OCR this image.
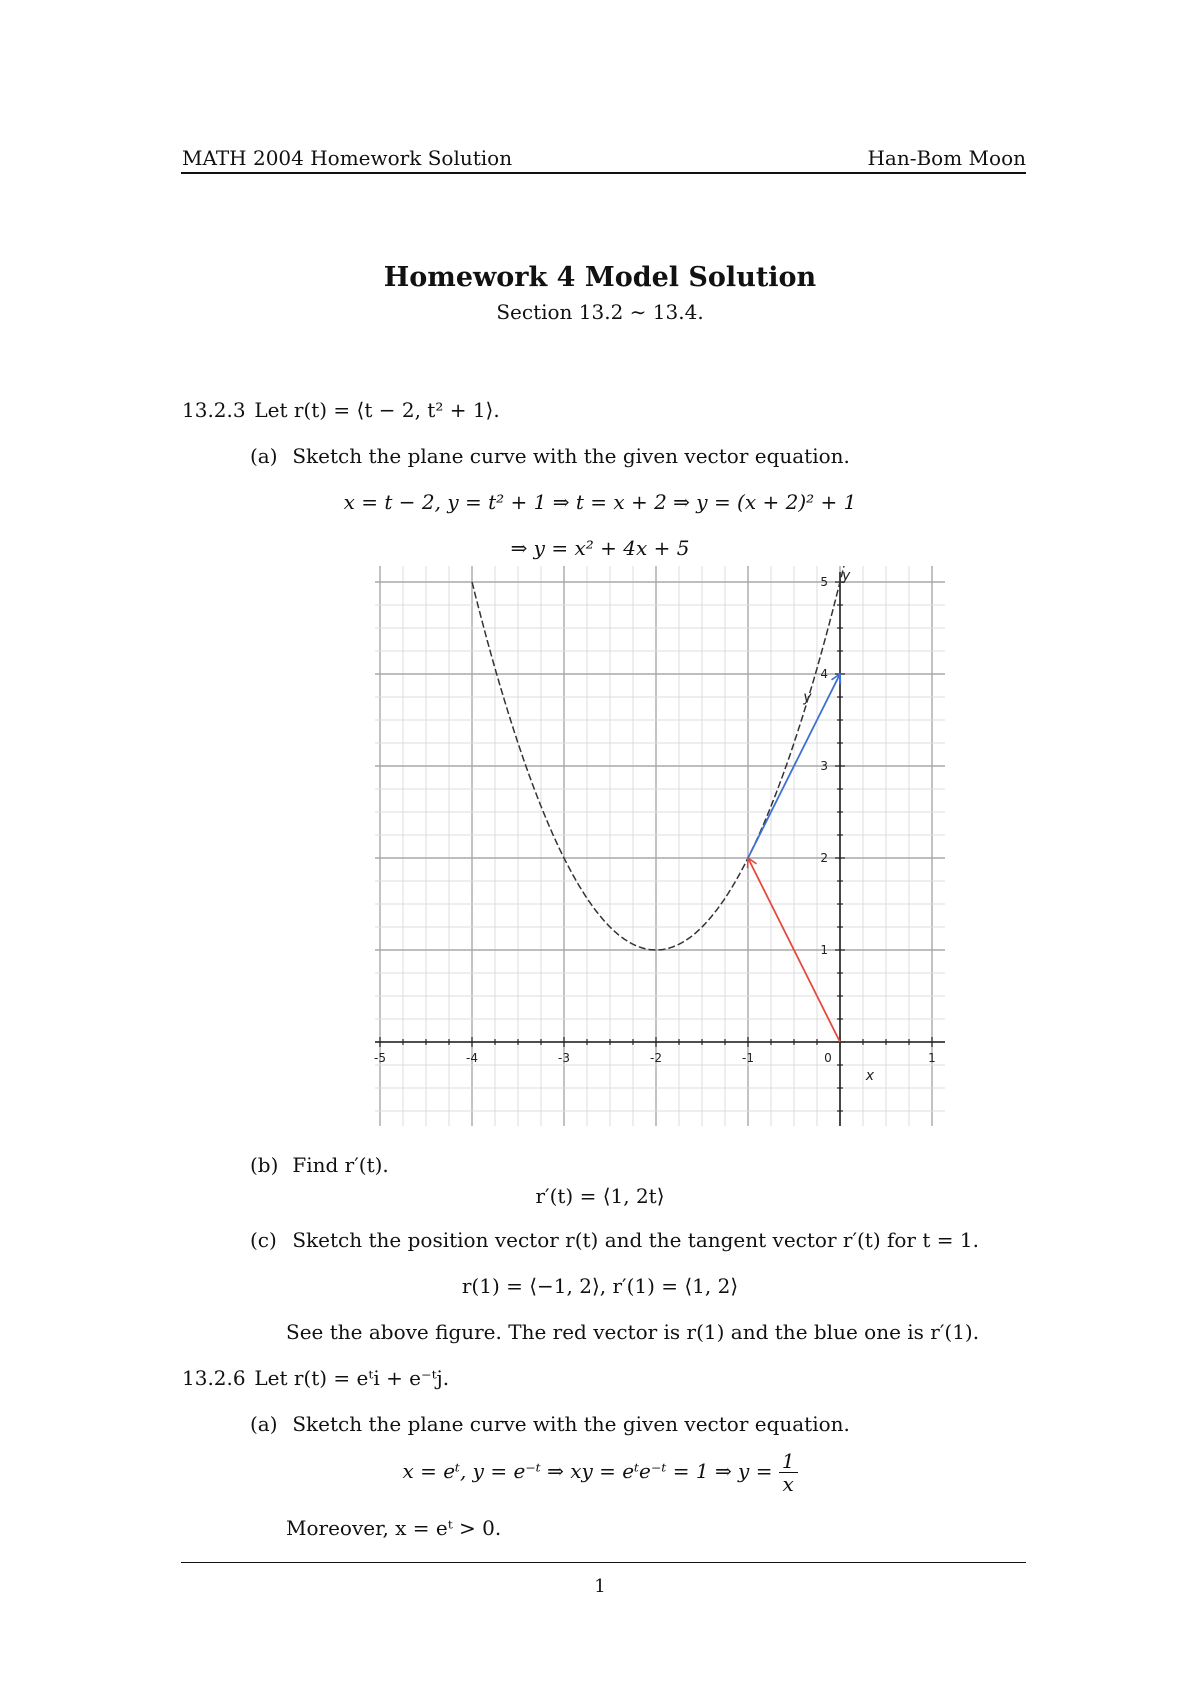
MATH 2004 Homework Solution	Han-Bom Moon
Homework 4 Model Solution
Section 13.2 ∼ 13.4.
13.2.3 Let r(t) = ⟨t − 2, t² + 1⟩.
(a) Sketch the plane curve with the given vector equation.
x = t − 2, y = t² + 1 ⇒ t = x + 2 ⇒ y = (x + 2)² + 1
⇒ y = x² + 4x + 5
-5	-4	-3	-2	-1	0	1
1
2
3
4
5
x
y
y
(b) Find r′(t).
r′(t) = ⟨1, 2t⟩
(c) Sketch the position vector r(t) and the tangent vector r′(t) for t = 1.
r(1) = ⟨−1, 2⟩, r′(1) = ⟨1, 2⟩
See the above figure. The red vector is r(1) and the blue one is r′(1).
13.2.6 Let r(t) = eᵗi + e⁻ᵗj.
(a) Sketch the plane curve with the given vector equation.
x = eᵗ, y = e⁻ᵗ ⇒ xy = eᵗe⁻ᵗ = 1 ⇒ $y = \frac{1}{x}$
Moreover, x = eᵗ > 0.
1
